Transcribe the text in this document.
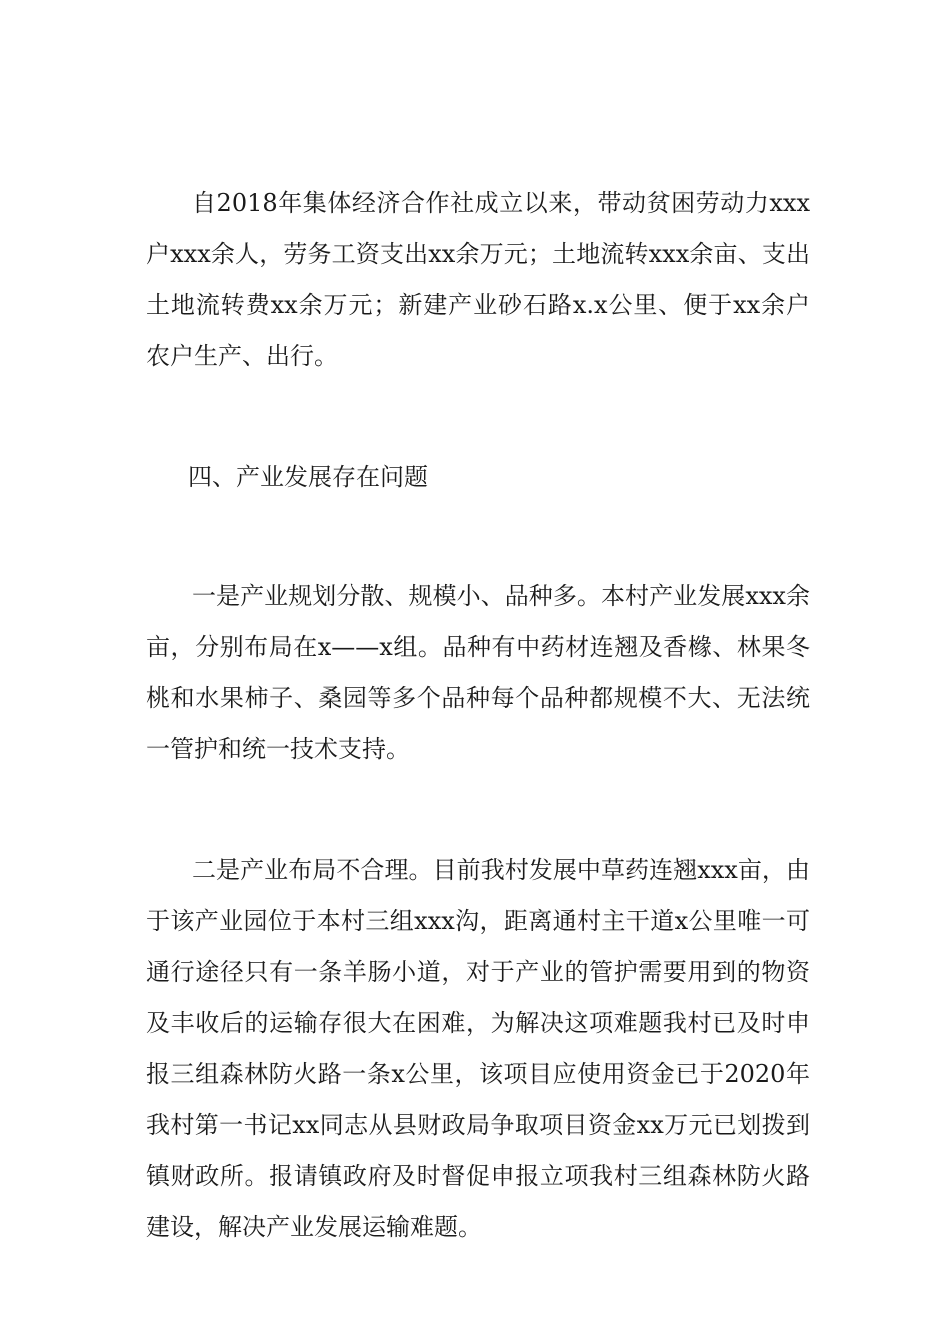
自2018年集体经济合作社成立以来，带动贫困劳动力xxx户xxx余人，劳务工资支出xx余万元；土地流转xxx余亩、支出土地流转费xx余万元；新建产业砂石路x.x公里、便于xx余户农户生产、出行。

四、产业发展存在问题

一是产业规划分散、规模小、品种多。本村产业发展xxx余亩，分别布局在x——x组。品种有中药材连翘及香橼、林果冬桃和水果柿子、桑园等多个品种每个品种都规模不大、无法统一管护和统一技术支持。

二是产业布局不合理。目前我村发展中草药连翘xxx亩，由于该产业园位于本村三组xxx沟，距离通村主干道x公里唯一可通行途径只有一条羊肠小道，对于产业的管护需要用到的物资及丰收后的运输存很大在困难，为解决这项难题我村已及时申报三组森林防火路一条x公里，该项目应使用资金已于2020年我村第一书记xx同志从县财政局争取项目资金xx万元已划拨到镇财政所。报请镇政府及时督促申报立项我村三组森林防火路建设，解决产业发展运输难题。
